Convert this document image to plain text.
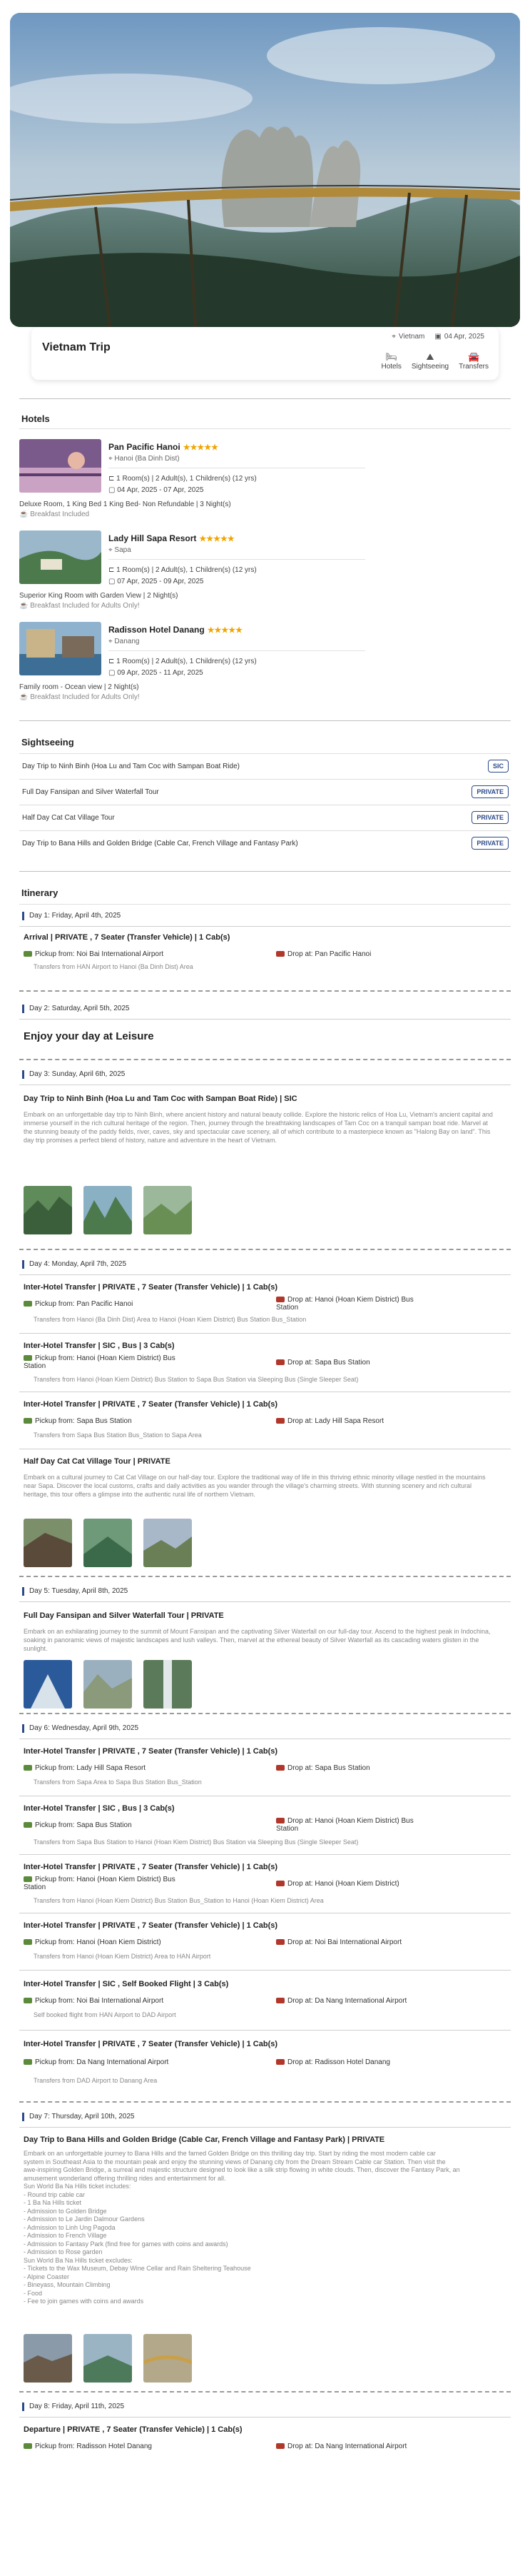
Vietnam Trip
⌖ Vietnam ▣ 04 Apr, 2025
🛏
Hotels
⛰
Sightseeing
🚘
Transfers
Hotels
Pan Pacific Hanoi ★★★★★
⌖ Hanoi (Ba Dinh Dist)
⊏ 1 Room(s) | 2 Adult(s), 1 Children(s) (12 yrs)
▢ 04 Apr, 2025 - 07 Apr, 2025
Deluxe Room, 1 King Bed 1 King Bed- Non Refundable | 3 Night(s)
☕ Breakfast Included
Lady Hill Sapa Resort ★★★★★
⌖ Sapa
⊏ 1 Room(s) | 2 Adult(s), 1 Children(s) (12 yrs)
▢ 07 Apr, 2025 - 09 Apr, 2025
Superior King Room with Garden View | 2 Night(s)
☕ Breakfast Included for Adults Only!
Radisson Hotel Danang ★★★★★
⌖ Danang
⊏ 1 Room(s) | 2 Adult(s), 1 Children(s) (12 yrs)
▢ 09 Apr, 2025 - 11 Apr, 2025
Family room - Ocean view | 2 Night(s)
☕ Breakfast Included for Adults Only!
Sightseeing
Day Trip to Ninh Binh (Hoa Lu and Tam Coc with Sampan Boat Ride)	SIC
Full Day Fansipan and Silver Waterfall Tour	PRIVATE
Half Day Cat Cat Village Tour	PRIVATE
Day Trip to Bana Hills and Golden Bridge (Cable Car, French Village and Fantasy Park)	PRIVATE
Itinerary
Day 1: Friday, April 4th, 2025
Arrival | PRIVATE , 7 Seater (Transfer Vehicle) | 1 Cab(s)
Pickup from: Noi Bai International Airport	Drop at: Pan Pacific Hanoi
Transfers from HAN Airport to Hanoi (Ba Dinh Dist) Area
Day 2: Saturday, April 5th, 2025
Enjoy your day at Leisure
Day 3: Sunday, April 6th, 2025
Day Trip to Ninh Binh (Hoa Lu and Tam Coc with Sampan Boat Ride) | SIC
Embark on an unforgettable day trip to Ninh Binh, where ancient history and natural beauty collide. Explore the historic relics of Hoa Lu, Vietnam's ancient capital and immerse yourself in the rich cultural heritage of the region. Then, journey through the breathtaking landscapes of Tam Coc on a tranquil sampan boat ride. Marvel at the stunning beauty of the paddy fields, river, caves, sky and spectacular cave scenery, all of which contribute to a masterpiece known as "Halong Bay on land". This day trip promises a perfect blend of history, nature and adventure in the heart of Vietnam.
Day 4: Monday, April 7th, 2025
Inter-Hotel Transfer | PRIVATE , 7 Seater (Transfer Vehicle) | 1 Cab(s)
Pickup from: Pan Pacific Hanoi
Drop at: Hanoi (Hoan Kiem District) Bus Station
Transfers from Hanoi (Ba Dinh Dist) Area to Hanoi (Hoan Kiem District) Bus Station Bus_Station
Inter-Hotel Transfer | SIC , Bus | 3 Cab(s)
Pickup from: Hanoi (Hoan Kiem District) Bus Station	Drop at: Sapa Bus Station
Transfers from Hanoi (Hoan Kiem District) Bus Station to Sapa Bus Station via Sleeping Bus (Single Sleeper Seat)
Inter-Hotel Transfer | PRIVATE , 7 Seater (Transfer Vehicle) | 1 Cab(s)
Pickup from: Sapa Bus Station	Drop at: Lady Hill Sapa Resort
Transfers from Sapa Bus Station Bus_Station to Sapa Area
Half Day Cat Cat Village Tour | PRIVATE
Embark on a cultural journey to Cat Cat Village on our half-day tour. Explore the traditional way of life in this thriving ethnic minority village nestled in the mountains near Sapa. Discover the local customs, crafts and daily activities as you wander through the village's charming streets. With stunning scenery and rich cultural heritage, this tour offers a glimpse into the authentic rural life of northern Vietnam.
Day 5: Tuesday, April 8th, 2025
Full Day Fansipan and Silver Waterfall Tour | PRIVATE
Embark on an exhilarating journey to the summit of Mount Fansipan and the captivating Silver Waterfall on our full-day tour. Ascend to the highest peak in Indochina, soaking in panoramic views of majestic landscapes and lush valleys. Then, marvel at the ethereal beauty of Silver Waterfall as its cascading waters glisten in the sunlight.
Day 6: Wednesday, April 9th, 2025
Inter-Hotel Transfer | PRIVATE , 7 Seater (Transfer Vehicle) | 1 Cab(s)
Pickup from: Lady Hill Sapa Resort	Drop at: Sapa Bus Station
Transfers from Sapa Area to Sapa Bus Station Bus_Station
Inter-Hotel Transfer | SIC , Bus | 3 Cab(s)
Pickup from: Sapa Bus Station
Drop at: Hanoi (Hoan Kiem District) Bus Station
Transfers from Sapa Bus Station to Hanoi (Hoan Kiem District) Bus Station via Sleeping Bus (Single Sleeper Seat)
Inter-Hotel Transfer | PRIVATE , 7 Seater (Transfer Vehicle) | 1 Cab(s)
Pickup from: Hanoi (Hoan Kiem District) Bus Station	Drop at: Hanoi (Hoan Kiem District)
Transfers from Hanoi (Hoan Kiem District) Bus Station Bus_Station to Hanoi (Hoan Kiem District) Area
Inter-Hotel Transfer | PRIVATE , 7 Seater (Transfer Vehicle) | 1 Cab(s)
Pickup from: Hanoi (Hoan Kiem District)	Drop at: Noi Bai International Airport
Transfers from Hanoi (Hoan Kiem District) Area to HAN Airport
Inter-Hotel Transfer | SIC , Self Booked Flight | 3 Cab(s)
Pickup from: Noi Bai International Airport	Drop at: Da Nang International Airport
Self booked flight from HAN Airport to DAD Airport
Inter-Hotel Transfer | PRIVATE , 7 Seater (Transfer Vehicle) | 1 Cab(s)
Pickup from: Da Nang International Airport	Drop at: Radisson Hotel Danang
Transfers from DAD Airport to Danang Area
Day 7: Thursday, April 10th, 2025
Day Trip to Bana Hills and Golden Bridge (Cable Car, French Village and Fantasy Park) | PRIVATE
Embark on an unforgettable journey to Bana Hills and the famed Golden Bridge on this thrilling day trip. Start by riding the most modern cable car
system in Southeast Asia to the mountain peak and enjoy the stunning views of Danang city from the Dream Stream Cable car Station. Then visit the
awe-inspiring Golden Bridge, a surreal and majestic structure designed to look like a silk strip flowing in white clouds. Then, discover the Fantasy Park, an
amusement wonderland offering thrilling rides and entertainment for all.
Sun World Ba Na Hills ticket includes:
- Round trip cable car
- 1 Ba Na Hills ticket
- Admission to Golden Bridge
- Admission to Le Jardin Dalmour Gardens
- Admission to Linh Ung Pagoda
- Admission to French Village
- Admission to Fantasy Park (find free for games with coins and awards)
- Admission to Rose garden
Sun World Ba Na Hills ticket excludes:
- Tickets to the Wax Museum, Debay Wine Cellar and Rain Sheltering Teahouse
- Alpine Coaster
- Bineyass, Mountain Climbing
- Food
- Fee to join games with coins and awards
Day 8: Friday, April 11th, 2025
Departure | PRIVATE , 7 Seater (Transfer Vehicle) | 1 Cab(s)
Pickup from: Radisson Hotel Danang	Drop at: Da Nang International Airport
